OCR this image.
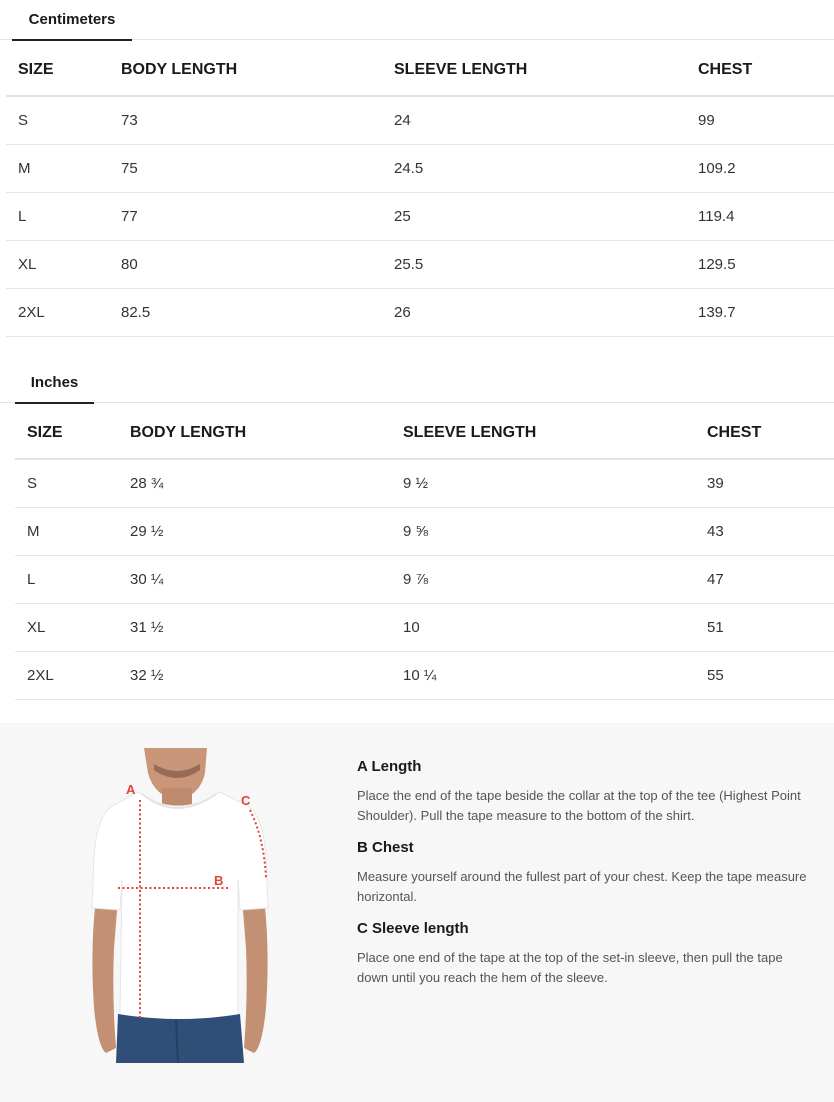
Centimeters
SIZE	BODY LENGTH	SLEEVE LENGTH	CHEST
S	73	24	99
M	75	24.5	109.2
L	77	25	119.4
XL	80	25.5	129.5
2XL	82.5	26	139.7
Inches
SIZE	BODY LENGTH	SLEEVE LENGTH	CHEST
S	28 ¾	9 ½	39
M	29 ½	9 ⅝	43
L	30 ¼	9 ⅞	47
XL	31 ½	10	51
2XL	32 ½	10 ¼	55
A
B
C
A Length
Place the end of the tape beside the collar at the top of the tee (Highest Point Shoulder). Pull the tape measure to the bottom of the shirt.
B Chest
Measure yourself around the fullest part of your chest. Keep the tape measure horizontal.
C Sleeve length
Place one end of the tape at the top of the set-in sleeve, then pull the tape down until you reach the hem of the sleeve.
